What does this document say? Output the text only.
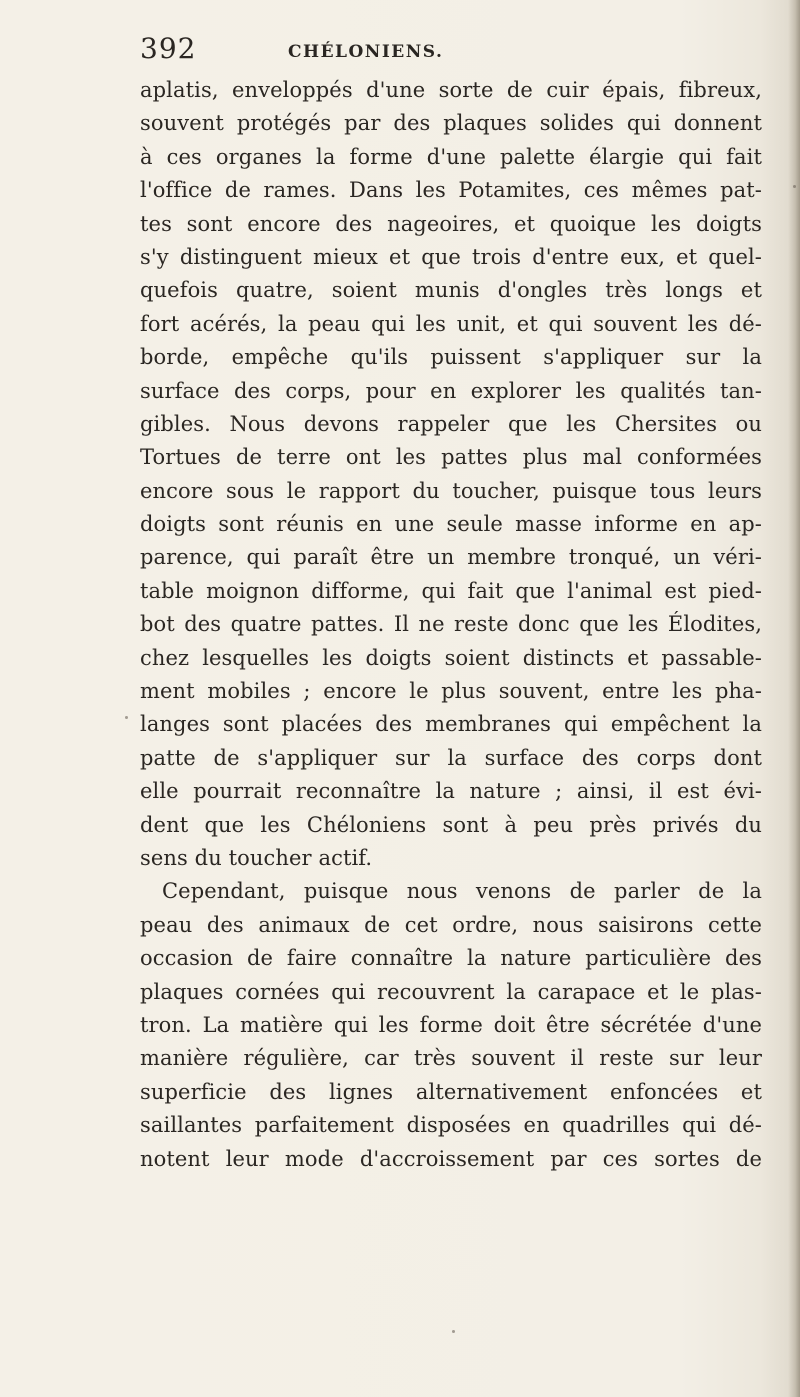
392	CHÉLONIENS.
aplatis, enveloppés d'une sorte de cuir épais, fibreux,
souvent protégés par des plaques solides qui donnent
à ces organes la forme d'une palette élargie qui fait
l'office de rames. Dans les Potamites, ces mêmes pat-
tes sont encore des nageoires, et quoique les doigts
s'y distinguent mieux et que trois d'entre eux, et quel-
quefois quatre, soient munis d'ongles très longs et
fort acérés, la peau qui les unit, et qui souvent les dé-
borde, empêche qu'ils puissent s'appliquer sur la
surface des corps, pour en explorer les qualités tan-
gibles. Nous devons rappeler que les Chersites ou
Tortues de terre ont les pattes plus mal conformées
encore sous le rapport du toucher, puisque tous leurs
doigts sont réunis en une seule masse informe en ap-
parence, qui paraît être un membre tronqué, un véri-
table moignon difforme, qui fait que l'animal est pied-
bot des quatre pattes. Il ne reste donc que les Élodites,
chez lesquelles les doigts soient distincts et passable-
ment mobiles ; encore le plus souvent, entre les pha-
langes sont placées des membranes qui empêchent la
patte de s'appliquer sur la surface des corps dont
elle pourrait reconnaître la nature ; ainsi, il est évi-
dent que les Chéloniens sont à peu près privés du
sens du toucher actif.
Cependant, puisque nous venons de parler de la
peau des animaux de cet ordre, nous saisirons cette
occasion de faire connaître la nature particulière des
plaques cornées qui recouvrent la carapace et le plas-
tron. La matière qui les forme doit être sécrétée d'une
manière régulière, car très souvent il reste sur leur
superficie des lignes alternativement enfoncées et
saillantes parfaitement disposées en quadrilles qui dé-
notent leur mode d'accroissement par ces sortes de
